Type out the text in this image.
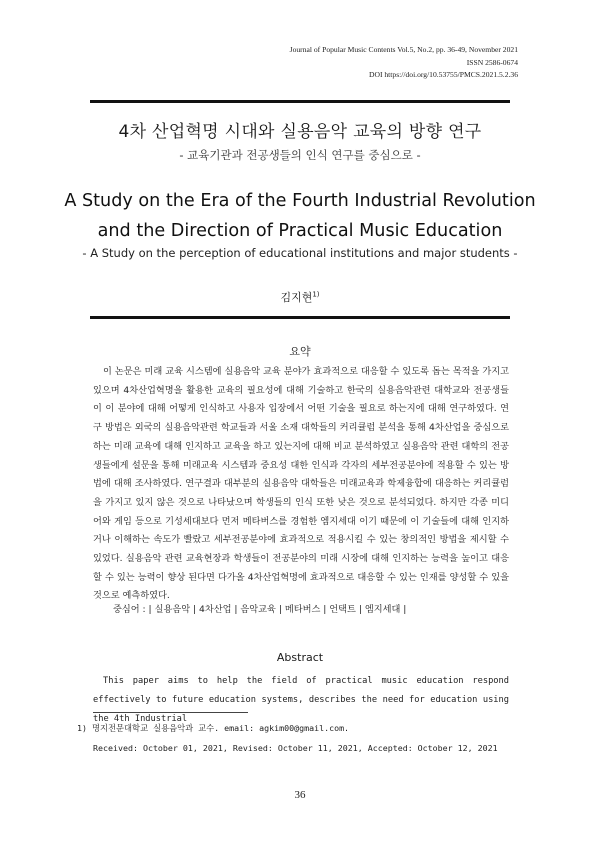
Journal of Popular Music Contents Vol.5, No.2, pp. 36-49, November 2021
ISSN 2586-0674
DOI https://doi.org/10.53755/PMCS.2021.5.2.36
4차 산업혁명 시대와 실용음악 교육의 방향 연구
- 교육기관과 전공생들의 인식 연구를 중심으로 -
A Study on the Era of the Fourth Industrial Revolution
and the Direction of Practical Music Education
- A Study on the perception of educational institutions and major students -
김지현$^{1)}$
요약
이 논문은 미래 교육 시스템에 실용음악 교육 분야가 효과적으로 대응할 수 있도록 돕는 목적을 가지고 있으며 4차산업혁명을 활용한 교육의 필요성에 대해 기술하고 한국의 실용음악관련 대학교와 전공생들이 이 분야에 대해 어떻게 인식하고 사용자 입장에서 어떤 기술을 필요로 하는지에 대해 연구하였다. 연구 방법은 외국의 실용음악관련 학교들과 서울 소재 대학들의 커리큘럼 분석을 통해 4차산업을 중심으로 하는 미래 교육에 대해 인지하고 교육을 하고 있는지에 대해 비교 분석하였고 실용음악 관련 대학의 전공생들에게 설문을 통해 미래교육 시스템과 중요성 대한 인식과 각자의 세부전공분야에 적용할 수 있는 방법에 대해 조사하였다. 연구결과 대부분의 실용음악 대학들은 미래교육과 학제융합에 대응하는 커리큘럼을 가지고 있지 않은 것으로 나타났으며 학생들의 인식 또한 낮은 것으로 분석되었다. 하지만 각종 미디어와 게임 등으로 기성세대보다 먼저 메타버스를 경험한 엠지세대 이기 때문에 이 기술들에 대해 인지하거나 이해하는 속도가 빨랐고 세부전공분야에 효과적으로 적용시킬 수 있는 창의적인 방법을 제시할 수 있었다. 실용음악 관련 교육현장과 학생들이 전공분야의 미래 시장에 대해 인지하는 능력을 높이고 대응할 수 있는 능력이 향상 된다면 다가올 4차산업혁명에 효과적으로 대응할 수 있는 인재를 양성할 수 있을 것으로 예측하였다.
중심어 : | 실용음악 | 4차산업 | 음악교육 | 메타버스 | 언택트 | 엠지세대 |
Abstract
This paper aims to help the field of practical music education respond effectively to future education systems, describes the need for education using the 4th Industrial
1) 명지전문대학교 실용음악과 교수. email: agkim00@gmail.com.
Received: October 01, 2021, Revised: October 11, 2021, Accepted: October 12, 2021
36
